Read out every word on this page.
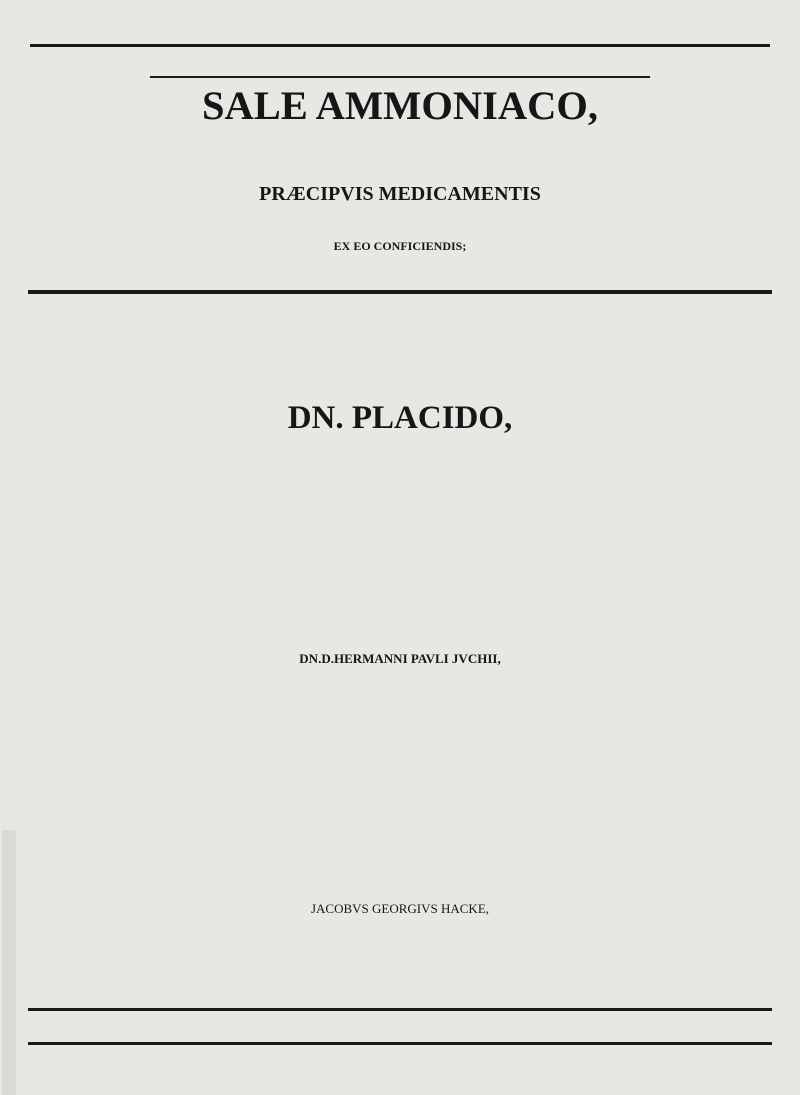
SALE AMMONIACO,
PRÆCIPVIS MEDICAMENTIS
EX EO CONFICIENDIS;
DN. PLACIDO,
DN.D.HERMANNI PAVLI JVCHII,
JACOBVS GEORGIVS HACKE,
